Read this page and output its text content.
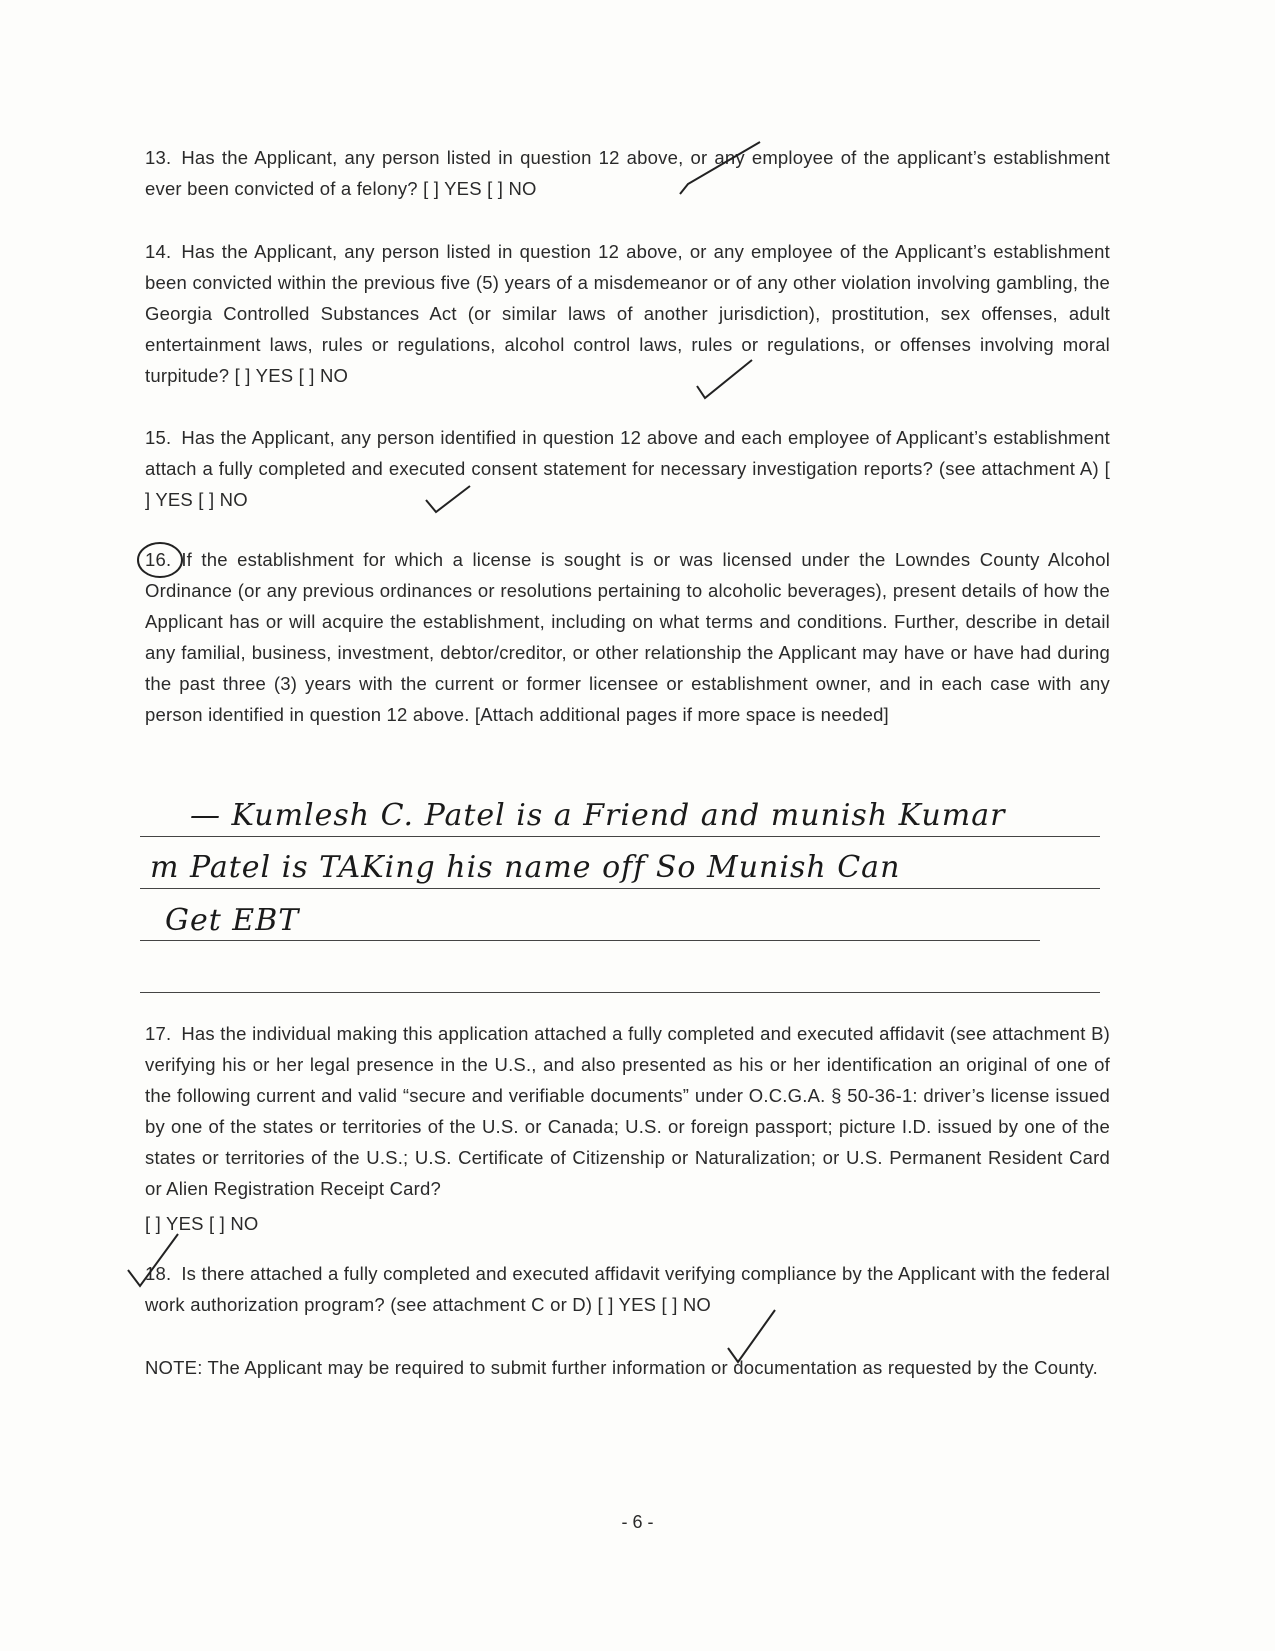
13. Has the Applicant, any person listed in question 12 above, or any employee of the applicant’s establishment ever been convicted of a felony? [ ] YES [ ] NO
14. Has the Applicant, any person listed in question 12 above, or any employee of the Applicant’s establishment been convicted within the previous five (5) years of a misdemeanor or of any other violation involving gambling, the Georgia Controlled Substances Act (or similar laws of another jurisdiction), prostitution, sex offenses, adult entertainment laws, rules or regulations, alcohol control laws, rules or regulations, or offenses involving moral turpitude? [ ] YES [ ] NO
15. Has the Applicant, any person identified in question 12 above and each employee of Applicant’s establishment attach a fully completed and executed consent statement for necessary investigation reports? (see attachment A) [ ] YES [ ] NO
16. If the establishment for which a license is sought is or was licensed under the Lowndes County Alcohol Ordinance (or any previous ordinances or resolutions pertaining to alcoholic beverages), present details of how the Applicant has or will acquire the establishment, including on what terms and conditions. Further, describe in detail any familial, business, investment, debtor/creditor, or other relationship the Applicant may have or have had during the past three (3) years with the current or former licensee or establishment owner, and in each case with any person identified in question 12 above. [Attach additional pages if more space is needed]
— Kumlesh C. Patel is a Friend and munish Kumar
m Patel is TAKing his name off So Munish Can
Get EBT
17. Has the individual making this application attached a fully completed and executed affidavit (see attachment B) verifying his or her legal presence in the U.S., and also presented as his or her identification an original of one of the following current and valid “secure and verifiable documents” under O.C.G.A. § 50-36-1: driver’s license issued by one of the states or territories of the U.S. or Canada; U.S. or foreign passport; picture I.D. issued by one of the states or territories of the U.S.; U.S. Certificate of Citizenship or Naturalization; or U.S. Permanent Resident Card or Alien Registration Receipt Card?
[ ] YES [ ] NO
18. Is there attached a fully completed and executed affidavit verifying compliance by the Applicant with the federal work authorization program? (see attachment C or D) [ ] YES [ ] NO
NOTE: The Applicant may be required to submit further information or documentation as requested by the County.
- 6 -
